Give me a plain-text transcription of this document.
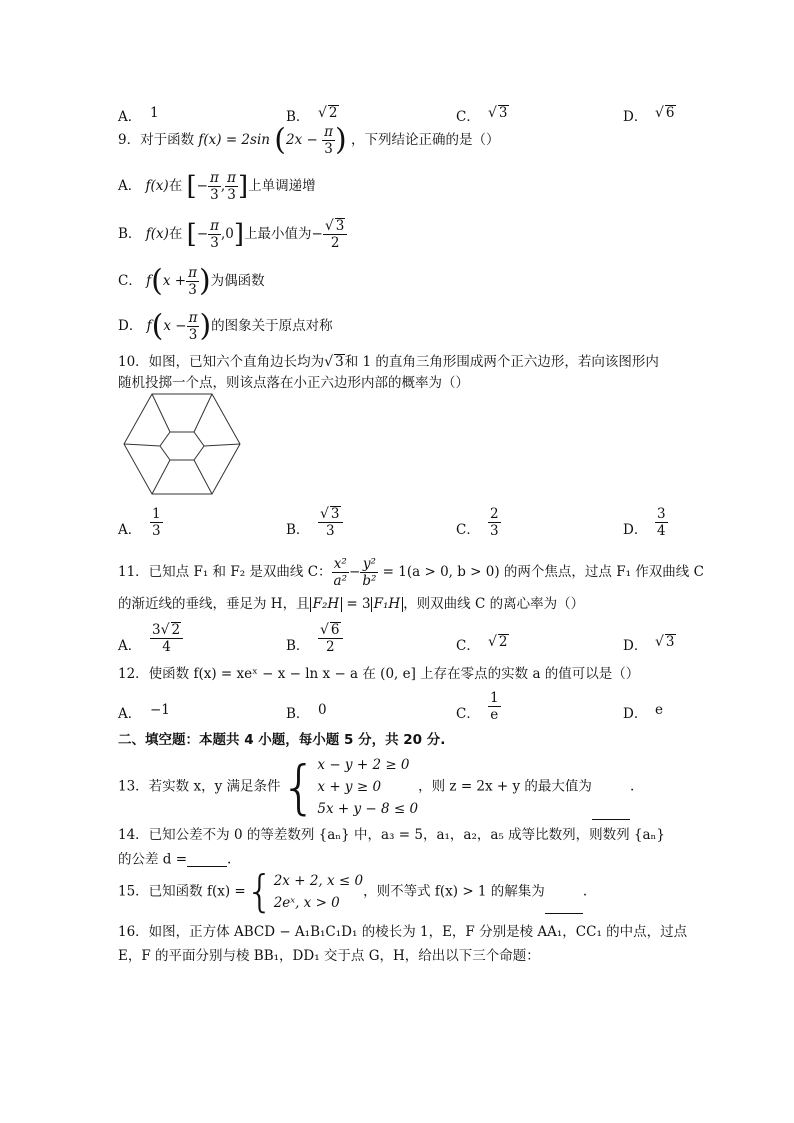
A． 1	B． √ 2	C． √ 3	D． √ 6
9．对于函数 f(x) = 2sin ($2x - \frac{\pi}{3}$ ) ，下列结论正确的是（）
A． f(x)在 [− $\frac{\pi}{3}$ , $\frac{\pi}{3}$ ]上单调递增
B． f(x)在 [− $\frac{\pi}{3} ,0$]上最小值为− $\frac{√ 3}{2}$
C． $f(x + \frac{\pi}{3}$ )为偶函数
D． $f(x - \frac{\pi}{3}$ )的图象关于原点对称
10．如图，已知六个直角边长均为√ 3和 1 的直角三角形围成两个正六边形，若向该图形内
随机投掷一个点，则该点落在小正六边形内部的概率为（）
A． $\frac{1}{3}$	B． $\frac{√ 3}{3}$	C． $\frac{2}{3}$	D． $\frac{3}{4}$
11．已知点 F₁ 和 F₂ 是双曲线 C： $\frac{\text{x²}}{\text{a²}} - \frac{\text{y²}}{\text{b²}} = 1(a > 0$, b > 0) 的两个焦点，过点 F₁ 作双曲线 C
的渐近线的垂线，垂足为 H，且 F₂H = 3 F₁H ，则双曲线 C 的离心率为（）
A． $\frac{3√ 2}{4}$	B． $\frac{√ 6}{2}$	C． √ 2	D． √ 3
12．使函数 f(x) = xeˣ − x − ln x − a 在 (0, e] 上存在零点的实数 a 的值可以是（）
A． −1	B． 0	C． $\frac{1}{e}$	D． e
二、填空题：本题共 4 小题，每小题 5 分，共 20 分.
13．若实数 x，y 满足条件{ x − y + 2 ≥ 0
x + y ≥ 0
5x + y − 8 ≤ 0
，则 z = 2x + y 的最大值为	.
14．已知公差不为 0 的等差数列 {aₙ} 中，a₃ = 5，a₁，a₂，a₅ 成等比数列，则数列 {aₙ}
的公差 d =	.
15．已知函数 f(x) ={ 2x + 2, x ≤ 0
2eˣ, x > 0
，则不等式 f(x) > 1 的解集为	.
16．如图，正方体 ABCD − A₁B₁C₁D₁ 的棱长为 1，E，F 分别是棱 AA₁，CC₁ 的中点，过点
E，F 的平面分别与棱 BB₁，DD₁ 交于点 G，H，给出以下三个命题：
